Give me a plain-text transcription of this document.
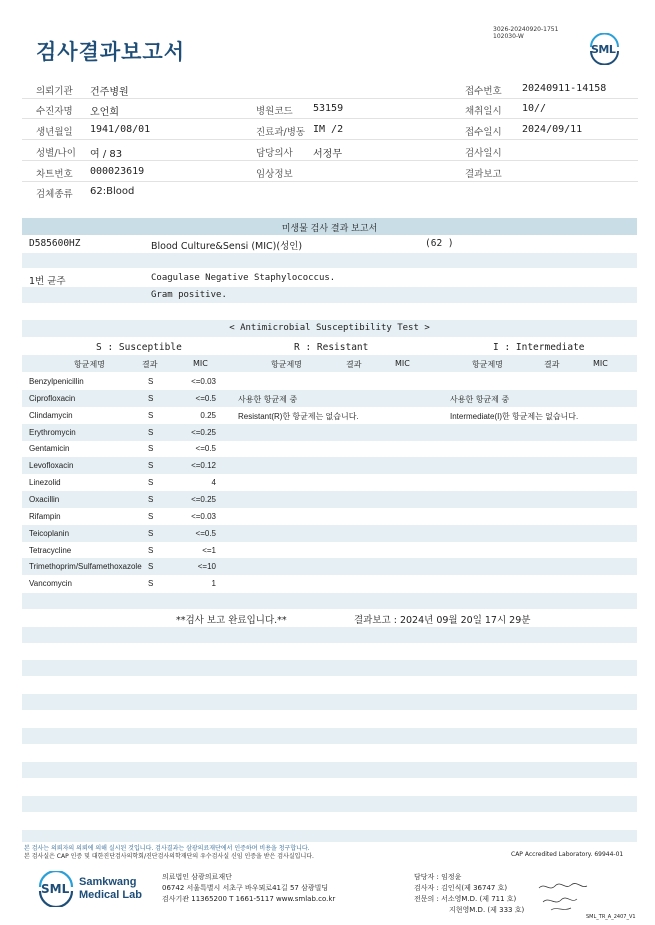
검사결과보고서
3026-20240920-1751
102030-W
SML
의뢰기관 건주병원	접수번호 20240911-14158
수진자명 오언희	병원코드 53159	채취일시 10//
생년월일 1941/08/01	진료과/병동 IM /2	접수일시 2024/09/11
성별/나이 여 / 83	담당의사 서정무	검사일시
차트번호 000023619	임상정보	결과보고
검체종류 62:Blood
미생물 검사 결과 보고서
D585600HZ	Blood Culture&Sensi (MIC)(성인)	(62 )
1번 균주	Coagulase Negative Staphylococcus.
Gram positive.
< Antimicrobial Susceptibility Test >
S : Susceptible	R : Resistant	I : Intermediate
항균제명	결과	MIC	항균제명	결과	MIC	항균제명	결과	MIC
Benzylpenicillin	S	<=0.03
Ciprofloxacin	S	<=0.5
Clindamycin	S	0.25
Erythromycin	S	<=0.25
Gentamicin	S	<=0.5
Levofloxacin	S	<=0.12
Linezolid	S	4
Oxacillin	S	<=0.25
Rifampin	S	<=0.03
Teicoplanin	S	<=0.5
Tetracycline	S	<=1
Trimethoprim/Sulfamethoxazole S	<=10
Vancomycin	S	1
사용한 항균제 중
Resistant(R)한 항균제는 없습니다.
사용한 항균제 중
Intermediate(I)한 항균제는 없습니다.
**검사 보고 완료입니다.**	결과보고 : 2024년 09월 20일 17시 29분
본 검사는 의뢰자의 의뢰에 의해 실시된 것입니다. 검사결과는 삼광의료재단에서 인증하며 비용을 청구합니다.
본 검사실은 CAP 인증 및 대한진단검사의학회/진단검사의학재단의 우수검사실 신임 인증을 받은 검사실입니다.	CAP Accredited Laboratory. 69944-01
SML Samkwang
Medical Lab
의료법인 삼광의료재단
06742 서울특별시 서초구 바우뫼로41길 57 삼광빌딩
검사기관 11365200 T 1661-5117 www.smlab.co.kr
담당자 : 임정윤
검사자 : 김인식(제 36747 호)
전문의 : 서소영M.D. (제 711 호)
지현영M.D. (제 333 호)
SML_TR_A_2407_V1
